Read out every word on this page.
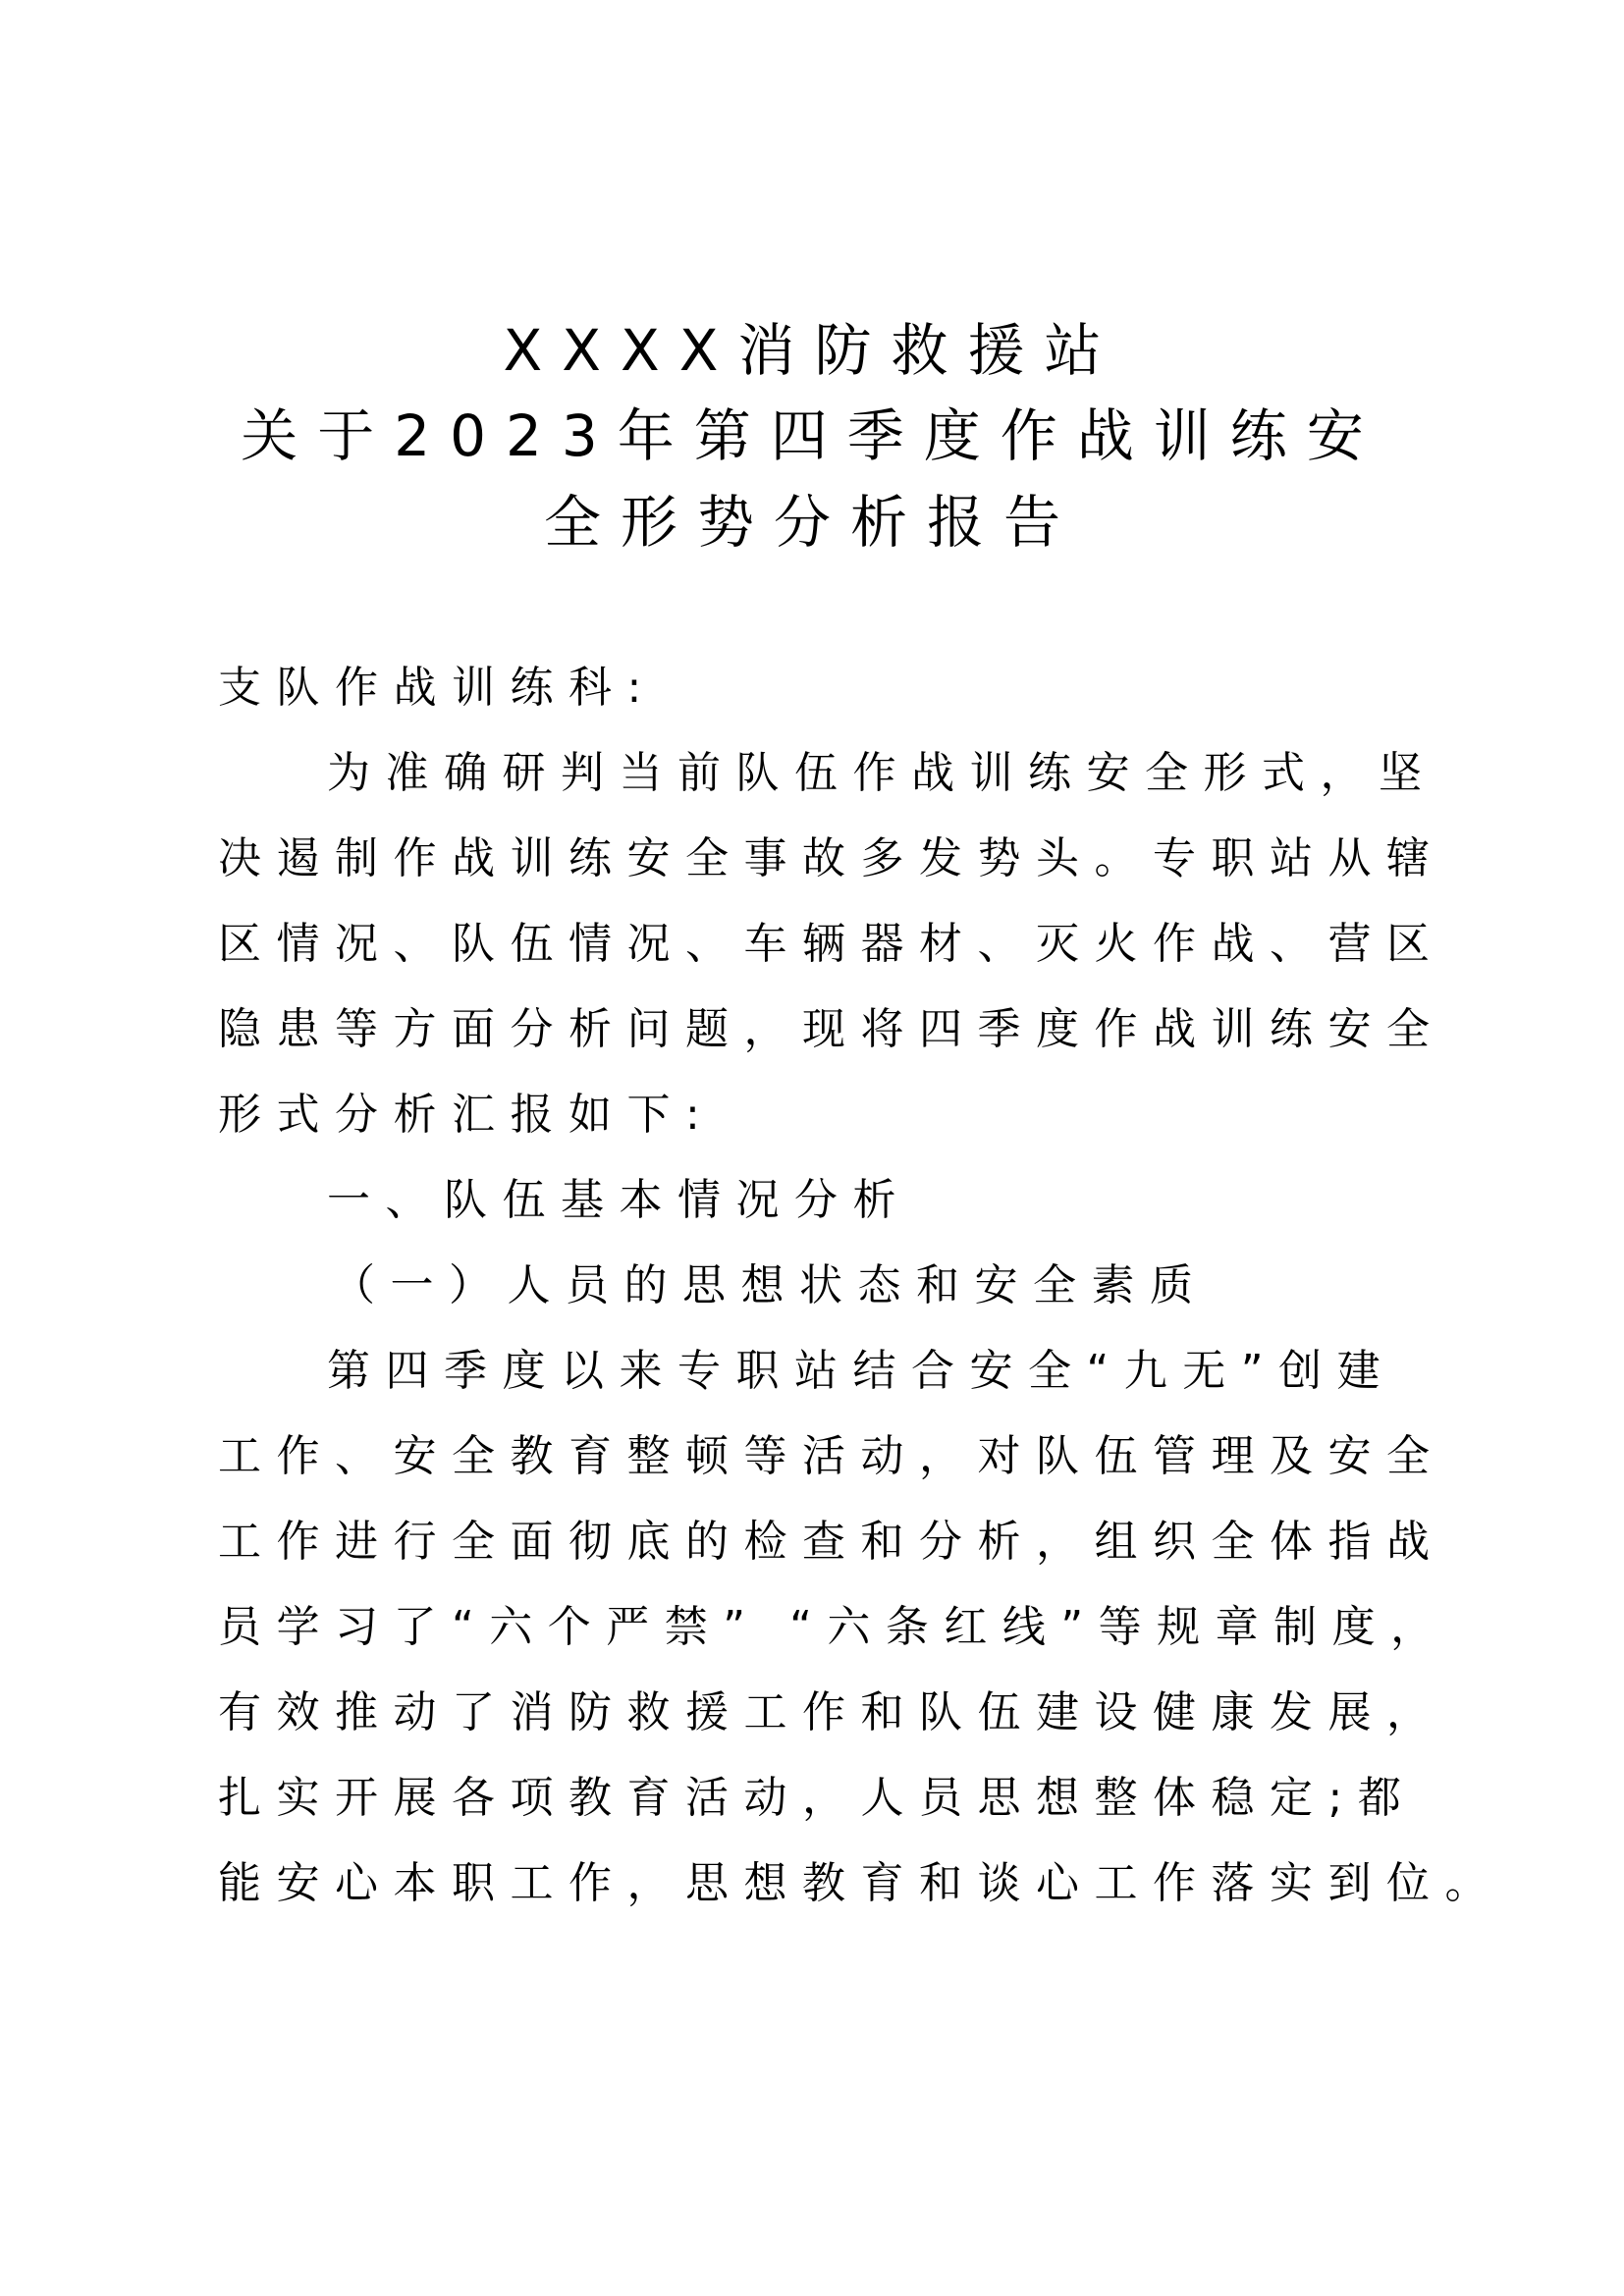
XXXX消防救援站
关于2023年第四季度作战训练安
全形势分析报告
支队作战训练科:
为准确研判当前队伍作战训练安全形式，坚
决遏制作战训练安全事故多发势头。专职站从辖
区情况、队伍情况、车辆器材、灭火作战、营区
隐患等方面分析问题，现将四季度作战训练安全
形式分析汇报如下:
一、队伍基本情况分析
（一）人员的思想状态和安全素质
第四季度以来专职站结合安全“九无”创建
工作、安全教育整顿等活动，对队伍管理及安全
工作进行全面彻底的检查和分析，组织全体指战
员学习了“六个严禁” “六条红线”等规章制度，
有效推动了消防救援工作和队伍建设健康发展，
扎实开展各项教育活动，人员思想整体稳定;都
能安心本职工作，思想教育和谈心工作落实到位。
